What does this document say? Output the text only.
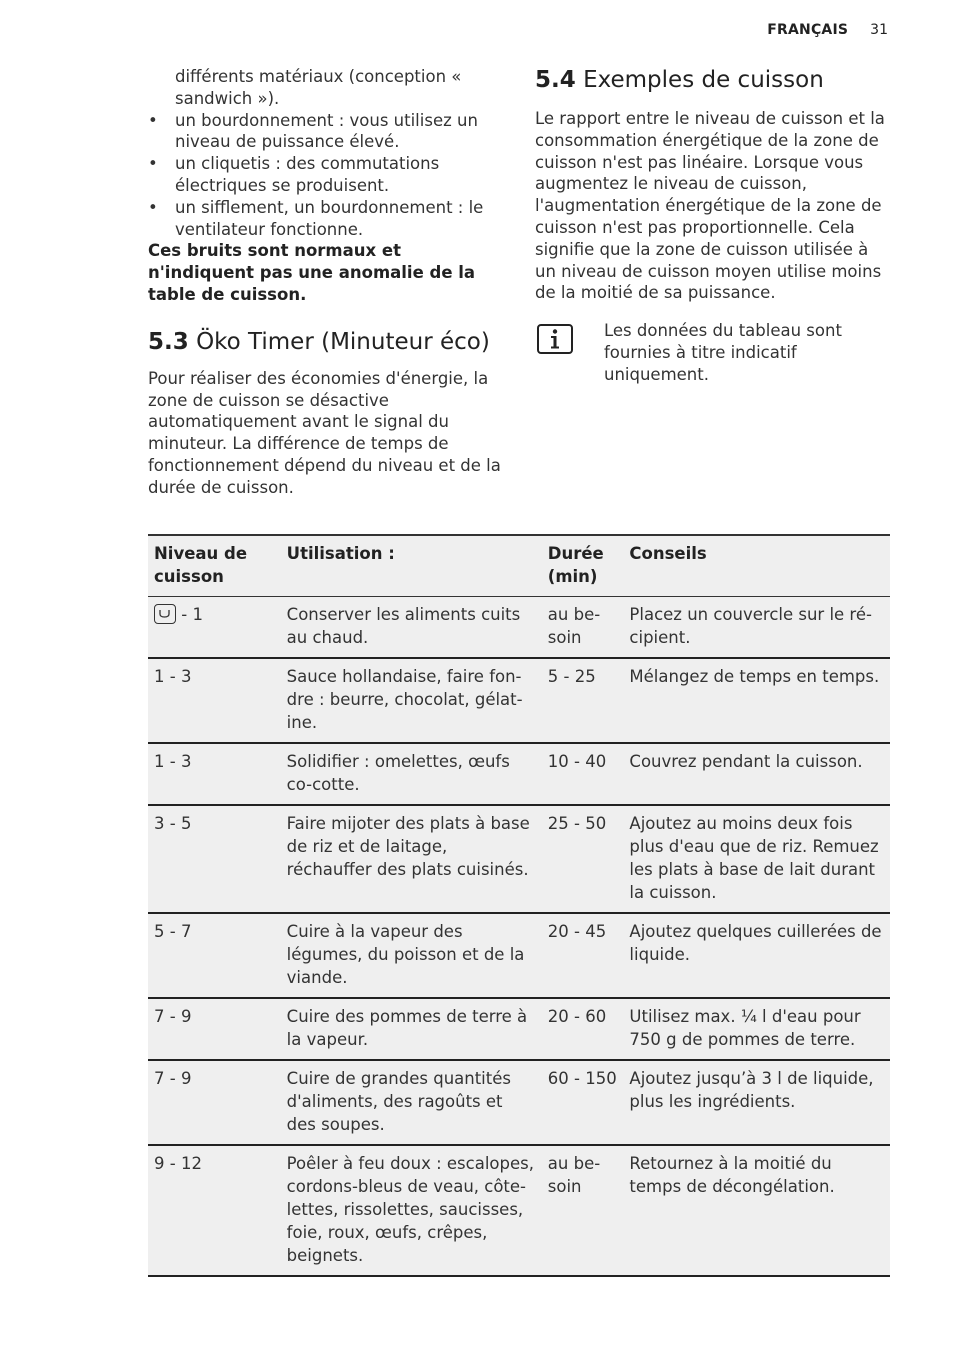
FRANÇAIS 31
différents matériaux (conception « sandwich »).
• un bourdonnement : vous utilisez un niveau de puissance élevé.
• un cliquetis : des commutations électriques se produisent.
• un sifflement, un bourdonnement : le ventilateur fonctionne.
Ces bruits sont normaux et n'indiquent pas une anomalie de la table de cuisson.
5.3 Öko Timer (Minuteur éco)
Pour réaliser des économies d'énergie, la zone de cuisson se désactive automatiquement avant le signal du minuteur. La différence de temps de fonctionnement dépend du niveau et de la durée de cuisson.
5.4 Exemples de cuisson
Le rapport entre le niveau de cuisson et la consommation énergétique de la zone de cuisson n'est pas linéaire. Lorsque vous augmentez le niveau de cuisson, l'augmentation énergétique de la zone de cuisson n'est pas proportionnelle. Cela signifie que la zone de cuisson utilisée à un niveau de cuisson moyen utilise moins de la moitié de sa puissance.
Les données du tableau sont fournies à titre indicatif uniquement.
Niveau de cuisson	Utilisation :	Durée (min)	Conseils

- 1	Conserver les aliments cuits au chaud.	au be-soin	Placez un couvercle sur le ré-cipient.
1 - 3	Sauce hollandaise, faire fon-dre : beurre, chocolat, gélat-ine.	5 - 25	Mélangez de temps en temps.
1 - 3	Solidifier : omelettes, œufs co-cotte.	10 - 40	Couvrez pendant la cuisson.
3 - 5	Faire mijoter des plats à base de riz et de laitage, réchauffer des plats cuisinés.	25 - 50	Ajoutez au moins deux fois plus d'eau que de riz. Remuez les plats à base de lait durant la cuisson.
5 - 7	Cuire à la vapeur des légumes, du poisson et de la viande.	20 - 45	Ajoutez quelques cuillerées de liquide.
7 - 9	Cuire des pommes de terre à la vapeur.	20 - 60	Utilisez max. ¼ l d'eau pour 750 g de pommes de terre.
7 - 9	Cuire de grandes quantités d'aliments, des ragoûts et des soupes.	60 - 150	Ajoutez jusqu’à 3 l de liquide, plus les ingrédients.
9 - 12	Poêler à feu doux : escalopes, cordons-bleus de veau, côte-lettes, rissolettes, saucisses, foie, roux, œufs, crêpes, beignets.	au be-soin	Retournez à la moitié du temps de décongélation.
